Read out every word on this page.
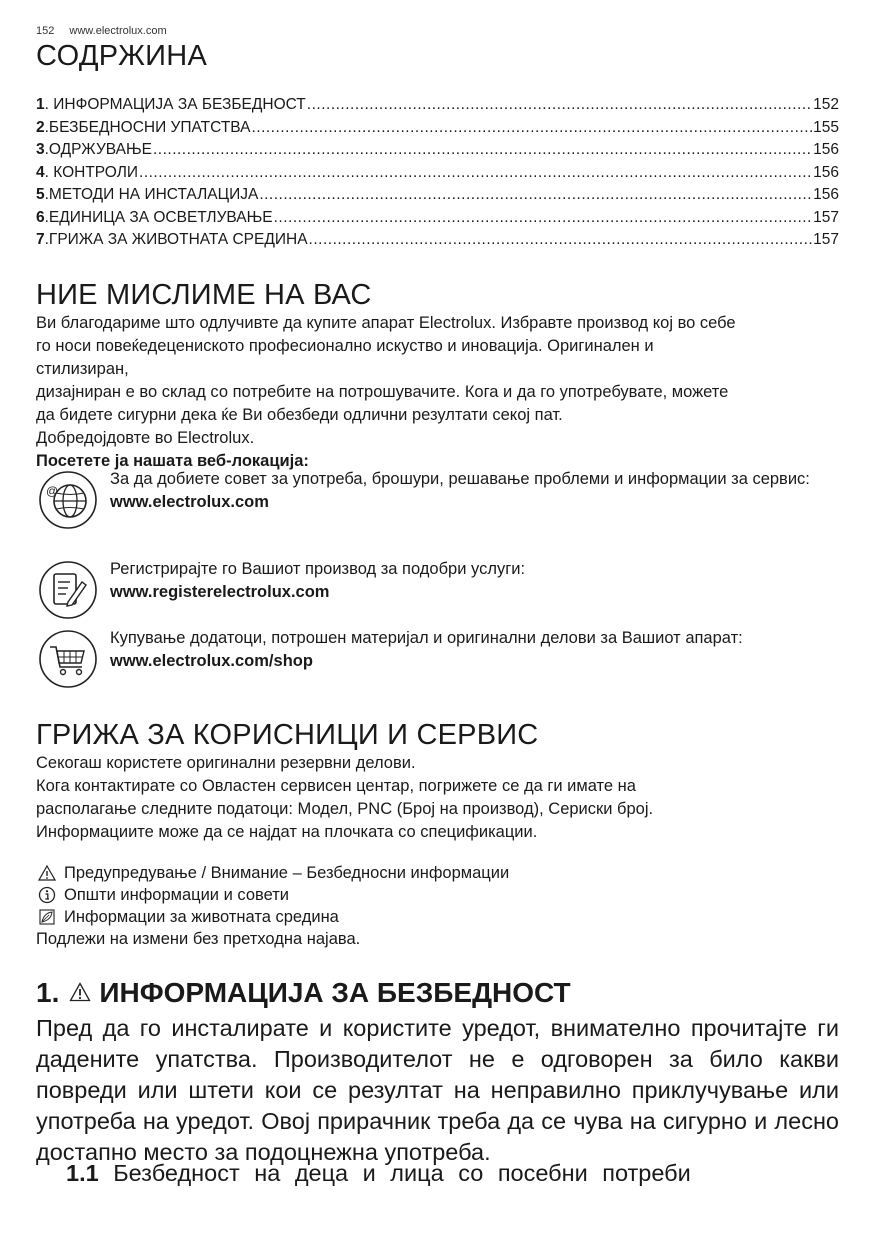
152 www.electrolux.com
СОДРЖИНА
1 . ИНФОРМАЦИЈА ЗА БЕЗБЕДНОСТ .....	152
2 .БЕЗБЕДНОСНИ УПАТСТВА .....	155
3 .ОДРЖУВАЊЕ .....	156
4 . КОНТРОЛИ .....	156
5 .МЕТОДИ НА ИНСТАЛАЦИЈА .....	156
6 .ЕДИНИЦА ЗА ОСВЕТЛУВАЊЕ .....	157
7 .ГРИЖА ЗА ЖИВОТНАТА СРЕДИНА .....	157
НИЕ МИСЛИМЕ НА ВАС

Ви благодариме што одлучивте да купите апарат Electrolux. Избравте производ кој во себе

го носи повеќедецениското професионално искуство и иновација. Оригинален и

стилизиран,

дизајниран е во склад со потребите на потрошувачите. Кога и да го употребувате, можете

да бидете сигурни дека ќе Ви обезбеди одлични резултати секој пат.

Добредојдовте во Electrolux.

Посетете ја нашата веб-локација:

@
За да добиете совет за употреба, брошури, решавање проблеми и информации за сервис:
www.electrolux.com
Регистрирајте го Вашиот производ за подобри услуги:
www.registerelectrolux.com
Купување додатоци, потрошен материјал и оригинални делови за Вашиот апарат:
www.electrolux.com/shop
ГРИЖА ЗА КОРИСНИЦИ И СЕРВИС

Секогаш користете оригинални резервни делови.

Кога контактирате со Овластен сервисен центар, погрижете се да ги имате на

располагање следните податоци: Модел, PNC (Број на производ), Сериски број.

Информациите може да се најдат на плочката со спецификации.

Предупредување / Внимание – Безбедносни информации
Општи информации и совети
Информации за животната средина
Подлежи на измени без претходна најава.
1. ИНФОРМАЦИЈА ЗА БЕЗБЕДНОСТ

Пред да го инсталирате и користите уредот, внимателно прочитајте ги дадените упатства. Производителот не е одговорен за било какви повреди или штети кои се резултат на неправилно приклучување или употреба на уредот. Овој прирачник треба да се чува на сигурно и лесно достапно место за подоцнежна употреба.

1.1 Безбедност на деца и лица со посебни потреби
